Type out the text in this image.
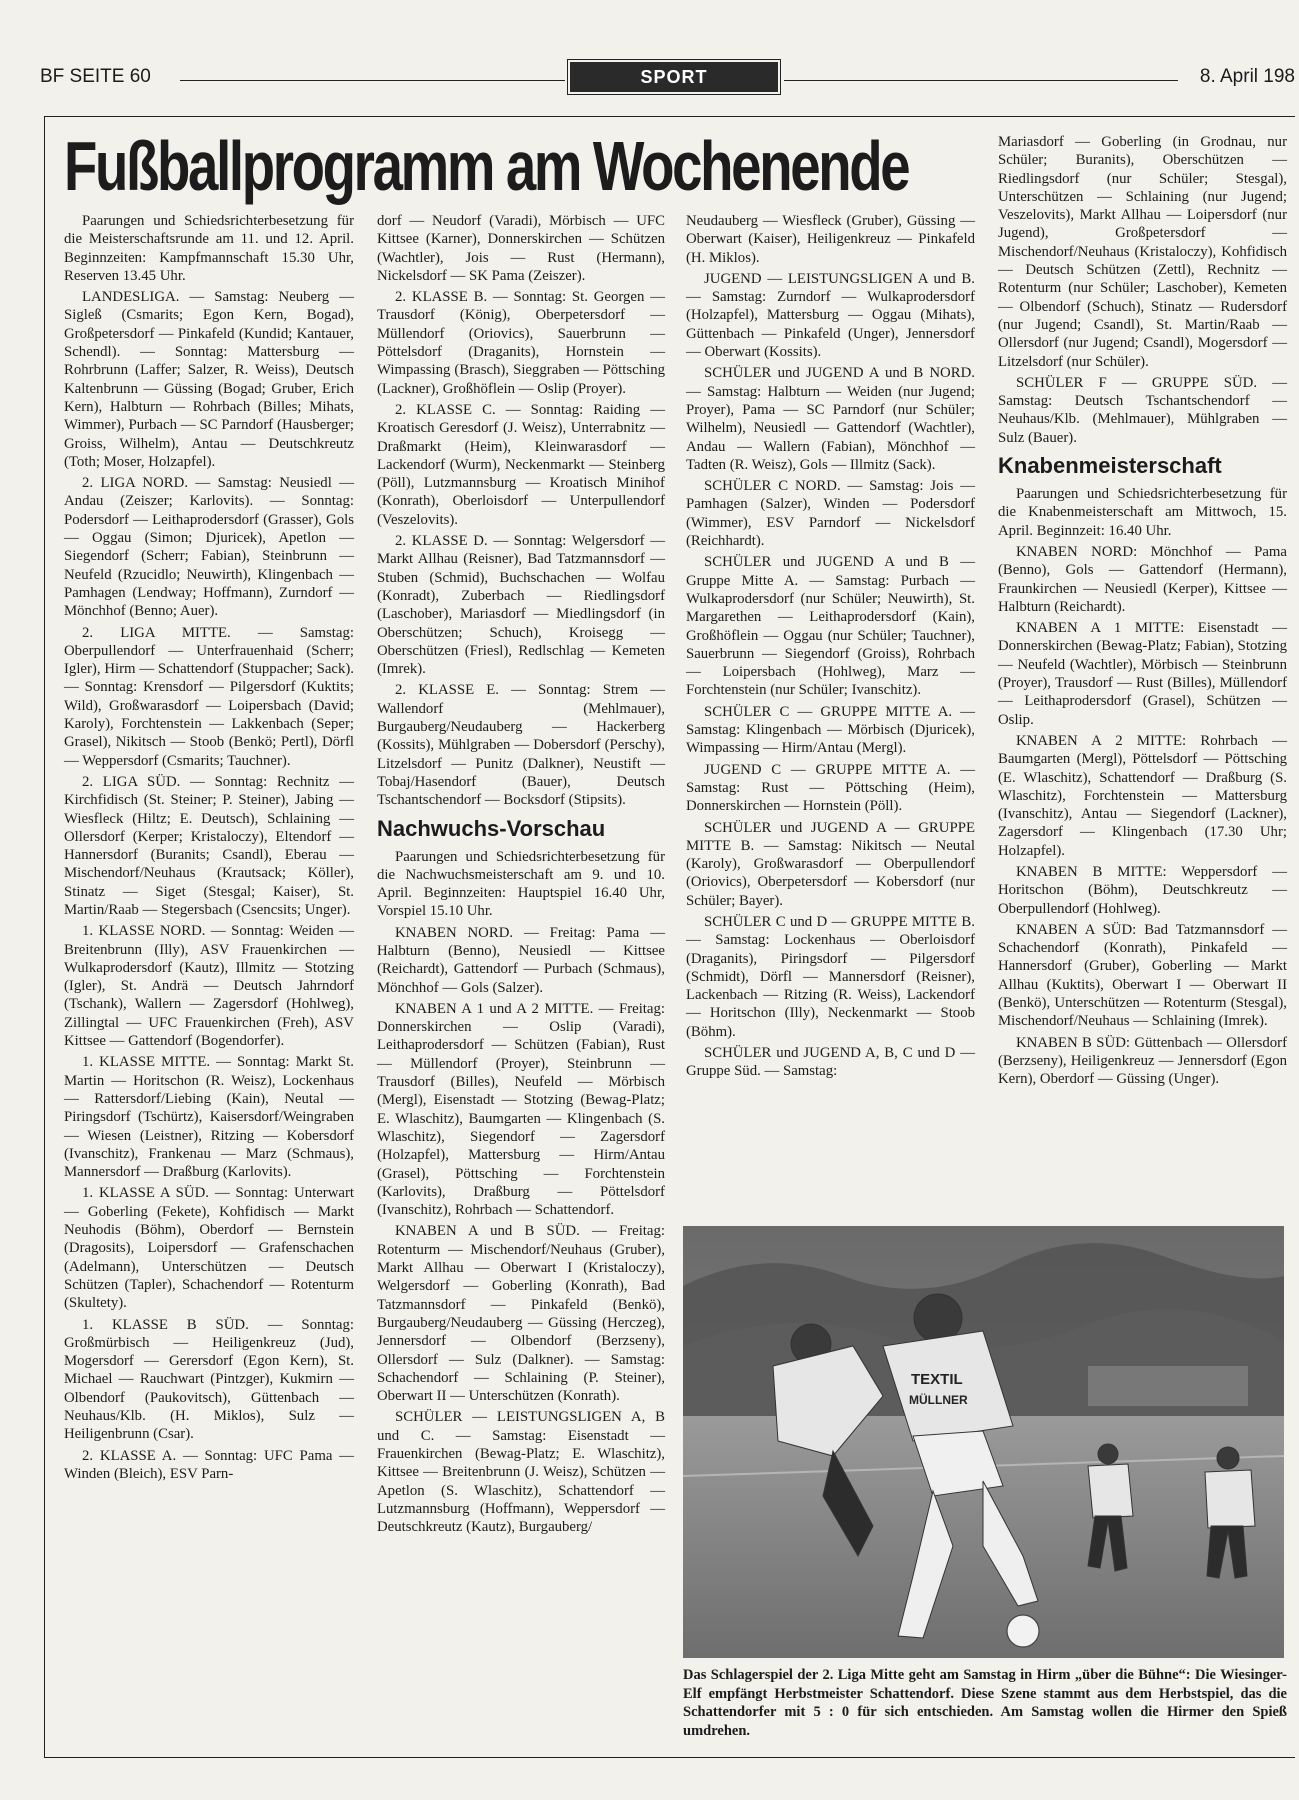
BF SEITE 60	SPORT	8. April 198
Fußballprogramm am Wochenende

Paarungen und Schiedsrichterbesetzung für die Meisterschaftsrunde am 11. und 12. April. Beginnzeiten: Kampfmannschaft 15.30 Uhr, Reserven 13.45 Uhr.

LANDESLIGA. — Samstag: Neuberg — Sigleß (Csmarits; Egon Kern, Bogad), Großpetersdorf — Pinkafeld (Kundid; Kantauer, Schendl). — Sonntag: Mattersburg — Rohrbrunn (Laffer; Salzer, R. Weiss), Deutsch Kaltenbrunn — Güssing (Bogad; Gruber, Erich Kern), Halbturn — Rohrbach (Billes; Mihats, Wimmer), Purbach — SC Parndorf (Hausberger; Groiss, Wilhelm), Antau — Deutschkreutz (Toth; Moser, Holzapfel).

2. LIGA NORD. — Samstag: Neusiedl — Andau (Zeiszer; Karlovits). — Sonntag: Podersdorf — Leithaprodersdorf (Grasser), Gols — Oggau (Simon; Djuricek), Apetlon — Siegendorf (Scherr; Fabian), Steinbrunn — Neufeld (Rzucidlo; Neuwirth), Klingenbach — Pamhagen (Lendway; Hoffmann), Zurndorf — Mönchhof (Benno; Auer).

2. LIGA MITTE. — Samstag: Oberpullendorf — Unterfrauenhaid (Scherr; Igler), Hirm — Schattendorf (Stuppacher; Sack). — Sonntag: Krensdorf — Pilgersdorf (Kuktits; Wild), Großwarasdorf — Loipersbach (David; Karoly), Forchtenstein — Lakkenbach (Seper; Grasel), Nikitsch — Stoob (Benkö; Pertl), Dörfl — Weppersdorf (Csmarits; Tauchner).

2. LIGA SÜD. — Sonntag: Rechnitz — Kirchfidisch (St. Steiner; P. Steiner), Jabing — Wiesfleck (Hiltz; E. Deutsch), Schlaining — Ollersdorf (Kerper; Kristaloczy), Eltendorf — Hannersdorf (Buranits; Csandl), Eberau — Mischendorf/Neuhaus (Krautsack; Köller), Stinatz — Siget (Stesgal; Kaiser), St. Martin/Raab — Stegersbach (Csencsits; Unger).

1. KLASSE NORD. — Sonntag: Weiden — Breitenbrunn (Illy), ASV Frauenkirchen — Wulkaprodersdorf (Kautz), Illmitz — Stotzing (Igler), St. Andrä — Deutsch Jahrndorf (Tschank), Wallern — Zagersdorf (Hohlweg), Zillingtal — UFC Frauenkirchen (Freh), ASV Kittsee — Gattendorf (Bogendorfer).

1. KLASSE MITTE. — Sonntag: Markt St. Martin — Horitschon (R. Weisz), Lockenhaus — Rattersdorf/Liebing (Kain), Neutal — Piringsdorf (Tschürtz), Kaisersdorf/Weingraben — Wiesen (Leistner), Ritzing — Kobersdorf (Ivanschitz), Frankenau — Marz (Schmaus), Mannersdorf — Draßburg (Karlovits).

1. KLASSE A SÜD. — Sonntag: Unterwart — Goberling (Fekete), Kohfidisch — Markt Neuhodis (Böhm), Oberdorf — Bernstein (Dragosits), Loipersdorf — Grafenschachen (Adelmann), Unterschützen — Deutsch Schützen (Tapler), Schachendorf — Rotenturm (Skultety).

1. KLASSE B SÜD. — Sonntag: Großmürbisch — Heiligenkreuz (Jud), Mogersdorf — Gerersdorf (Egon Kern), St. Michael — Rauchwart (Pintzger), Kukmirn — Olbendorf (Paukovitsch), Güttenbach — Neuhaus/Klb. (H. Miklos), Sulz — Heiligenbrunn (Csar).

2. KLASSE A. — Sonntag: UFC Pama — Winden (Bleich), ESV Parn-

dorf — Neudorf (Varadi), Mörbisch — UFC Kittsee (Karner), Donnerskirchen — Schützen (Wachtler), Jois — Rust (Hermann), Nickelsdorf — SK Pama (Zeiszer).

2. KLASSE B. — Sonntag: St. Georgen — Trausdorf (König), Oberpetersdorf — Müllendorf (Oriovics), Sauerbrunn — Pöttelsdorf (Draganits), Hornstein — Wimpassing (Brasch), Sieggraben — Pöttsching (Lackner), Großhöflein — Oslip (Proyer).

2. KLASSE C. — Sonntag: Raiding — Kroatisch Geresdorf (J. Weisz), Unterrabnitz — Draßmarkt (Heim), Kleinwarasdorf — Lackendorf (Wurm), Neckenmarkt — Steinberg (Pöll), Lutzmannsburg — Kroatisch Minihof (Konrath), Oberloisdorf — Unterpullendorf (Veszelovits).

2. KLASSE D. — Sonntag: Welgersdorf — Markt Allhau (Reisner), Bad Tatzmannsdorf — Stuben (Schmid), Buchschachen — Wolfau (Konradt), Zuberbach — Riedlingsdorf (Laschober), Mariasdorf — Miedlingsdorf (in Oberschützen; Schuch), Kroisegg — Oberschützen (Friesl), Redlschlag — Kemeten (Imrek).

2. KLASSE E. — Sonntag: Strem — Wallendorf (Mehlmauer), Burgauberg/Neudauberg — Hackerberg (Kossits), Mühlgraben — Dobersdorf (Perschy), Litzelsdorf — Punitz (Dalkner), Neustift — Tobaj/Hasendorf (Bauer), Deutsch Tschantschendorf — Bocksdorf (Stipsits).

Nachwuchs-Vorschau

Paarungen und Schiedsrichterbesetzung für die Nachwuchsmeisterschaft am 9. und 10. April. Beginnzeiten: Hauptspiel 16.40 Uhr, Vorspiel 15.10 Uhr.

KNABEN NORD. — Freitag: Pama — Halbturn (Benno), Neusiedl — Kittsee (Reichardt), Gattendorf — Purbach (Schmaus), Mönchhof — Gols (Salzer).

KNABEN A 1 und A 2 MITTE. — Freitag: Donnerskirchen — Oslip (Varadi), Leithaprodersdorf — Schützen (Fabian), Rust — Müllendorf (Proyer), Steinbrunn — Trausdorf (Billes), Neufeld — Mörbisch (Mergl), Eisenstadt — Stotzing (Bewag-Platz; E. Wlaschitz), Baumgarten — Klingenbach (S. Wlaschitz), Siegendorf — Zagersdorf (Holzapfel), Mattersburg — Hirm/Antau (Grasel), Pöttsching — Forchtenstein (Karlovits), Draßburg — Pöttelsdorf (Ivanschitz), Rohrbach — Schattendorf.

KNABEN A und B SÜD. — Freitag: Rotenturm — Mischendorf/Neuhaus (Gruber), Markt Allhau — Oberwart I (Kristaloczy), Welgersdorf — Goberling (Konrath), Bad Tatzmannsdorf — Pinkafeld (Benkö), Burgauberg/Neudauberg — Güssing (Herczeg), Jennersdorf — Olbendorf (Berzseny), Ollersdorf — Sulz (Dalkner). — Samstag: Schachendorf — Schlaining (P. Steiner), Oberwart II — Unterschützen (Konrath).

SCHÜLER — LEISTUNGSLIGEN A, B und C. — Samstag: Eisenstadt — Frauenkirchen (Bewag-Platz; E. Wlaschitz), Kittsee — Breitenbrunn (J. Weisz), Schützen — Apetlon (S. Wlaschitz), Schattendorf — Lutzmannsburg (Hoffmann), Weppersdorf — Deutschkreutz (Kautz), Burgauberg/

Neudauberg — Wiesfleck (Gruber), Güssing — Oberwart (Kaiser), Heiligenkreuz — Pinkafeld (H. Miklos).

JUGEND — LEISTUNGSLIGEN A und B. — Samstag: Zurndorf — Wulkaprodersdorf (Holzapfel), Mattersburg — Oggau (Mihats), Güttenbach — Pinkafeld (Unger), Jennersdorf — Oberwart (Kossits).

SCHÜLER und JUGEND A und B NORD. — Samstag: Halbturn — Weiden (nur Jugend; Proyer), Pama — SC Parndorf (nur Schüler; Wilhelm), Neusiedl — Gattendorf (Wachtler), Andau — Wallern (Fabian), Mönchhof — Tadten (R. Weisz), Gols — Illmitz (Sack).

SCHÜLER C NORD. — Samstag: Jois — Pamhagen (Salzer), Winden — Podersdorf (Wimmer), ESV Parndorf — Nickelsdorf (Reichhardt).

SCHÜLER und JUGEND A und B — Gruppe Mitte A. — Samstag: Purbach — Wulkaprodersdorf (nur Schüler; Neuwirth), St. Margarethen — Leithaprodersdorf (Kain), Großhöflein — Oggau (nur Schüler; Tauchner), Sauerbrunn — Siegendorf (Groiss), Rohrbach — Loipersbach (Hohlweg), Marz — Forchtenstein (nur Schüler; Ivanschitz).

SCHÜLER C — GRUPPE MITTE A. — Samstag: Klingenbach — Mörbisch (Djuricek), Wimpassing — Hirm/Antau (Mergl).

JUGEND C — GRUPPE MITTE A. — Samstag: Rust — Pöttsching (Heim), Donnerskirchen — Hornstein (Pöll).

SCHÜLER und JUGEND A — GRUPPE MITTE B. — Samstag: Nikitsch — Neutal (Karoly), Großwarasdorf — Oberpullendorf (Oriovics), Oberpetersdorf — Kobersdorf (nur Schüler; Bayer).

SCHÜLER C und D — GRUPPE MITTE B. — Samstag: Lockenhaus — Oberloisdorf (Draganits), Piringsdorf — Pilgersdorf (Schmidt), Dörfl — Mannersdorf (Reisner), Lackenbach — Ritzing (R. Weiss), Lackendorf — Horitschon (Illy), Neckenmarkt — Stoob (Böhm).

SCHÜLER und JUGEND A, B, C und D — Gruppe Süd. — Samstag:

Mariasdorf — Goberling (in Grodnau, nur Schüler; Buranits), Oberschützen — Riedlingsdorf (nur Schüler; Stesgal), Unterschützen — Schlaining (nur Jugend; Veszelovits), Markt Allhau — Loipersdorf (nur Jugend), Großpetersdorf — Mischendorf/Neuhaus (Kristaloczy), Kohfidisch — Deutsch Schützen (Zettl), Rechnitz — Rotenturm (nur Schüler; Laschober), Kemeten — Olbendorf (Schuch), Stinatz — Rudersdorf (nur Jugend; Csandl), St. Martin/Raab — Ollersdorf (nur Jugend; Csandl), Mogersdorf — Litzelsdorf (nur Schüler).

SCHÜLER F — GRUPPE SÜD. — Samstag: Deutsch Tschantschendorf — Neuhaus/Klb. (Mehlmauer), Mühlgraben — Sulz (Bauer).

Knabenmeisterschaft

Paarungen und Schiedsrichterbesetzung für die Knabenmeisterschaft am Mittwoch, 15. April. Beginnzeit: 16.40 Uhr.

KNABEN NORD: Mönchhof — Pama (Benno), Gols — Gattendorf (Hermann), Fraunkirchen — Neusiedl (Kerper), Kittsee — Halbturn (Reichardt).

KNABEN A 1 MITTE: Eisenstadt — Donnerskirchen (Bewag-Platz; Fabian), Stotzing — Neufeld (Wachtler), Mörbisch — Steinbrunn (Proyer), Trausdorf — Rust (Billes), Müllendorf — Leithaprodersdorf (Grasel), Schützen — Oslip.

KNABEN A 2 MITTE: Rohrbach — Baumgarten (Mergl), Pöttelsdorf — Pöttsching (E. Wlaschitz), Schattendorf — Draßburg (S. Wlaschitz), Forchtenstein — Mattersburg (Ivanschitz), Antau — Siegendorf (Lackner), Zagersdorf — Klingenbach (17.30 Uhr; Holzapfel).

KNABEN B MITTE: Weppersdorf — Horitschon (Böhm), Deutschkreutz — Oberpullendorf (Hohlweg).

KNABEN A SÜD: Bad Tatzmannsdorf — Schachendorf (Konrath), Pinkafeld — Hannersdorf (Gruber), Goberling — Markt Allhau (Kuktits), Oberwart I — Oberwart II (Benkö), Unterschützen — Rotenturm (Stesgal), Mischendorf/Neuhaus — Schlaining (Imrek).

KNABEN B SÜD: Güttenbach — Ollersdorf (Berzseny), Heiligenkreuz — Jennersdorf (Egon Kern), Oberdorf — Güssing (Unger).

TEXTIL
MÜLLNER
Das Schlagerspiel der 2. Liga Mitte geht am Samstag in Hirm „über die Bühne“: Die Wiesinger-Elf empfängt Herbstmeister Schattendorf. Diese Szene stammt aus dem Herbstspiel, das die Schattendorfer mit 5 : 0 für sich entschieden. Am Samstag wollen die Hirmer den Spieß umdrehen.
